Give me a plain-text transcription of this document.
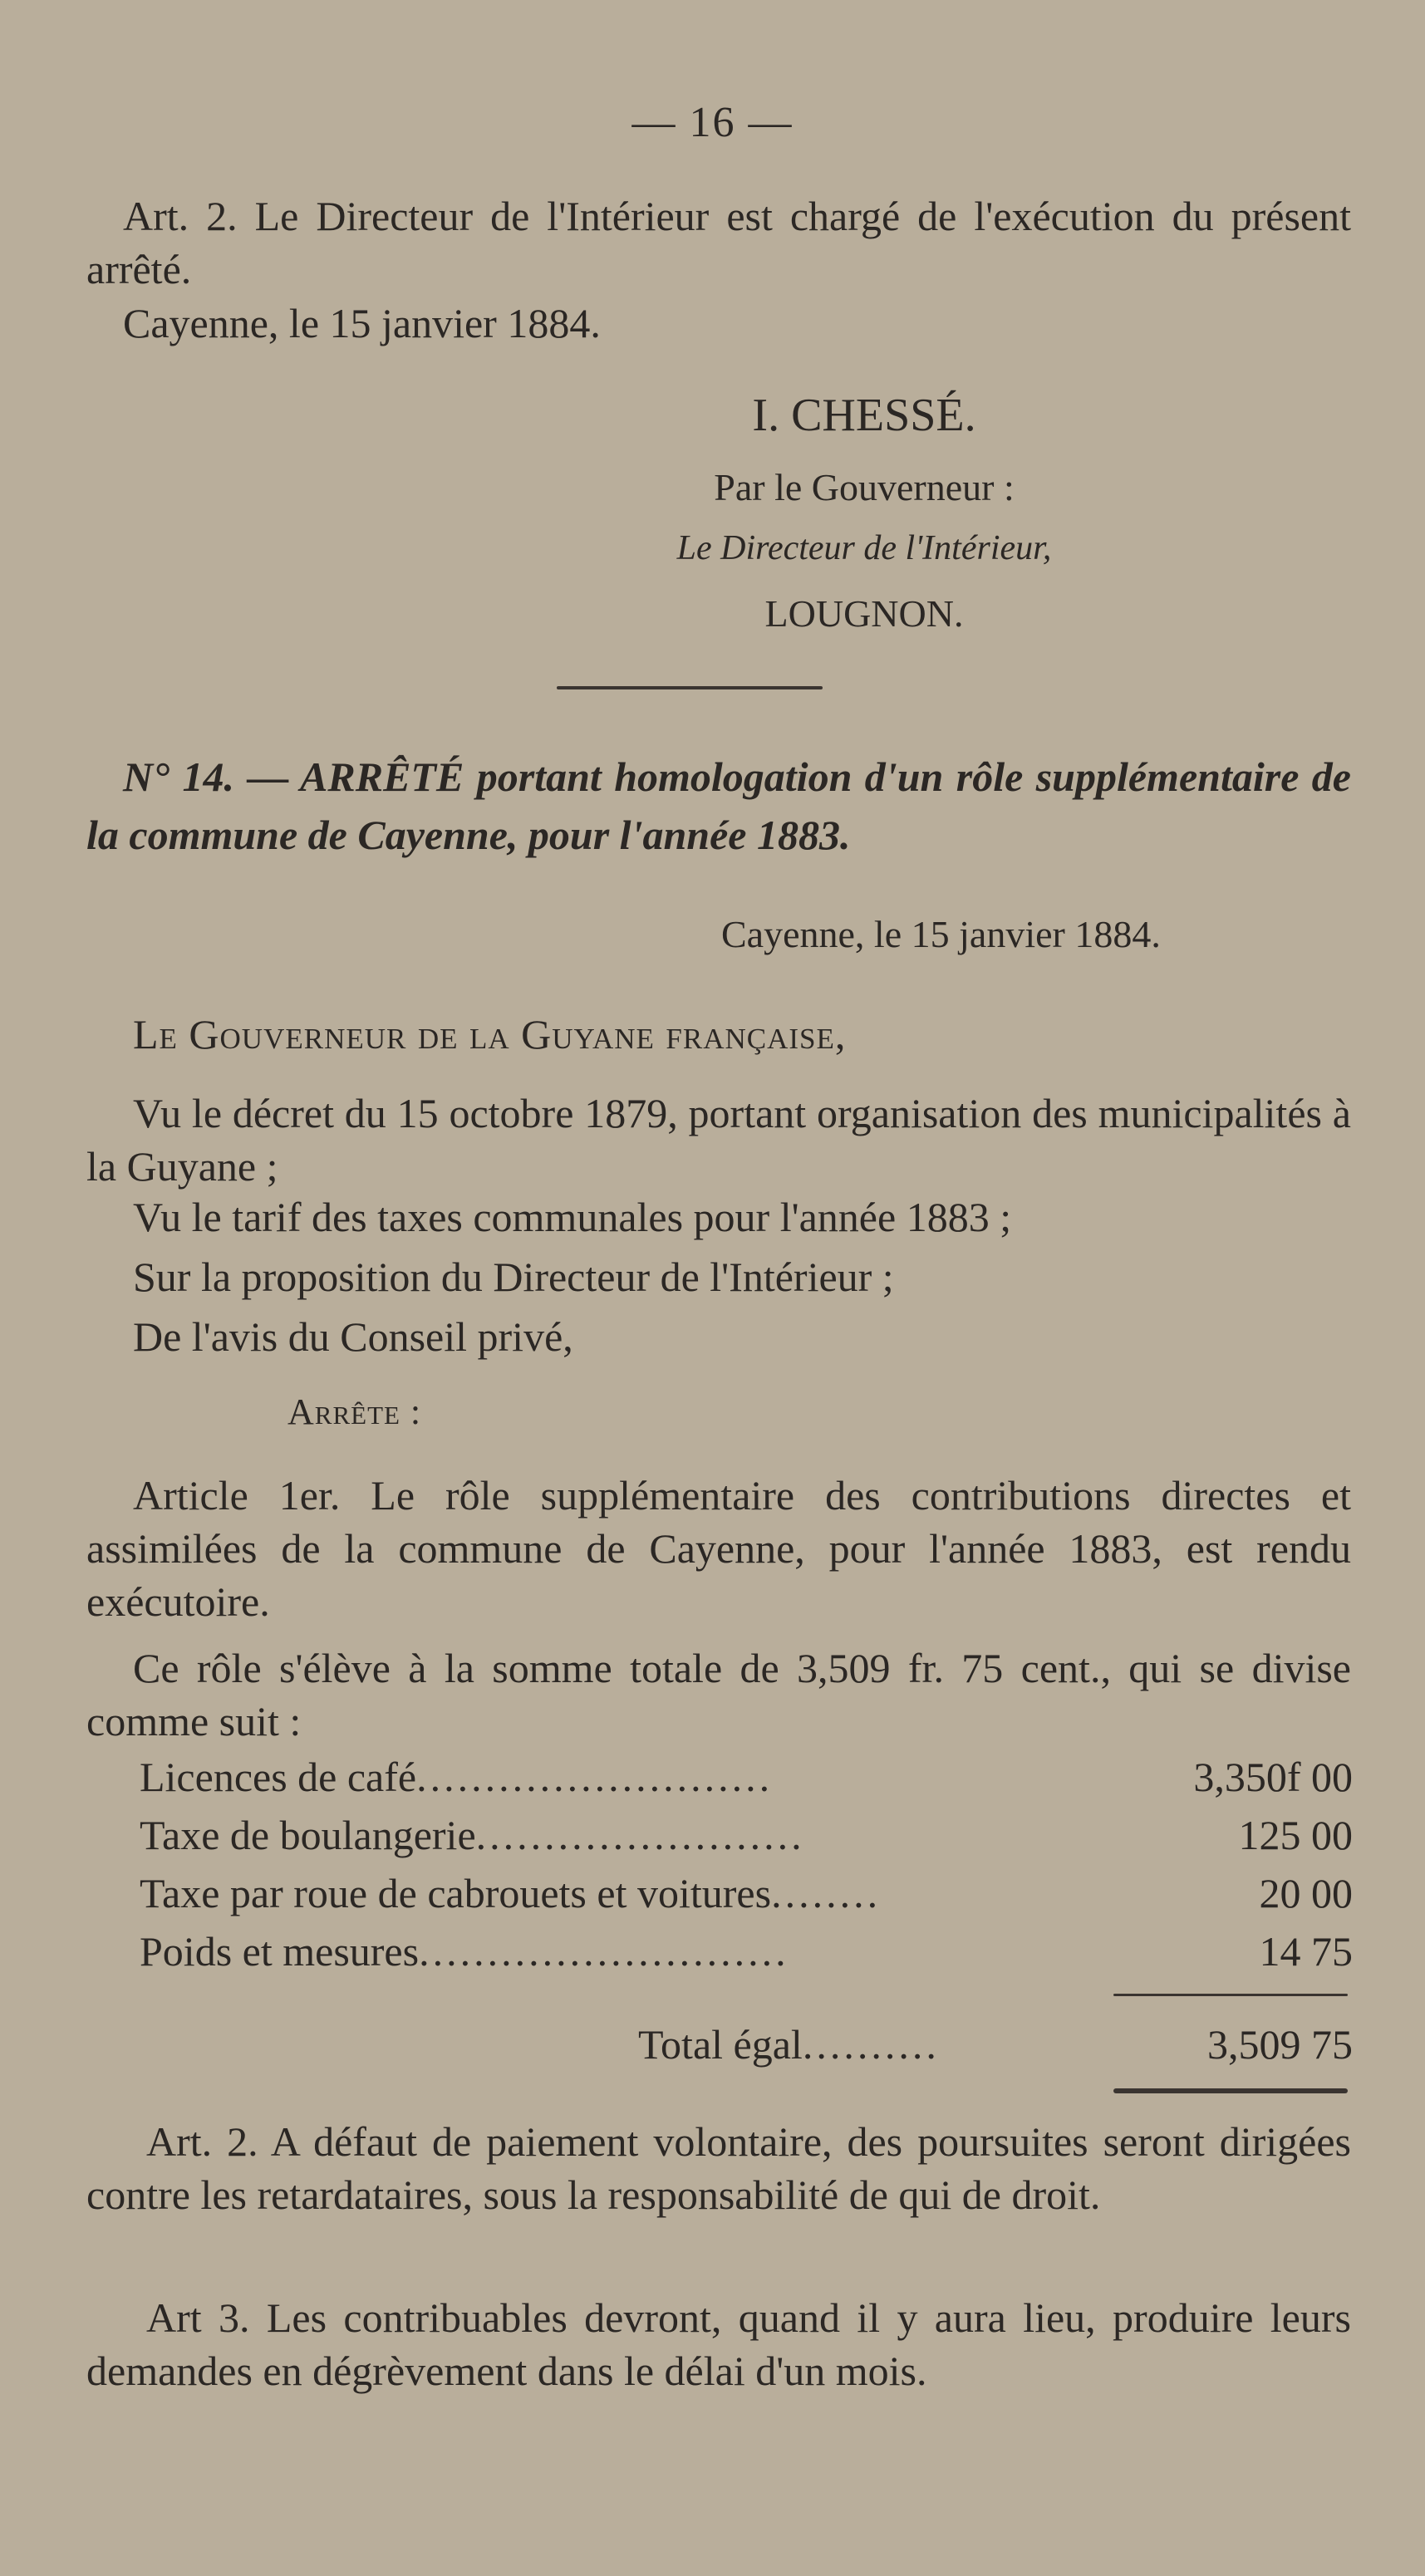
— 16 —
Art. 2. Le Directeur de l'Intérieur est chargé de l'exécution du présent arrêté.
Cayenne, le 15 janvier 1884.
I. CHESSÉ.
Par le Gouverneur :
Le Directeur de l'Intérieur,
LOUGNON.
N° 14. — ARRÊTÉ portant homologation d'un rôle supplémentaire de la commune de Cayenne, pour l'année 1883.
Cayenne, le 15 janvier 1884.
Le Gouverneur de la Guyane française,
Vu le décret du 15 octobre 1879, portant organisation des municipalités à la Guyane ;
Vu le tarif des taxes communales pour l'année 1883 ;
Sur la proposition du Directeur de l'Intérieur ;
De l'avis du Conseil privé,
Arrête :
Article 1er. Le rôle supplémentaire des contributions directes et assimilées de la commune de Cayenne, pour l'année 1883, est rendu exécutoire.
Ce rôle s'élève à la somme totale de 3,509 fr. 75 cent., qui se divise comme suit :
Licences de café..........................	3,350f 00
Taxe de boulangerie........................	125 00
Taxe par roue de cabrouets et voitures........	20 00
Poids et mesures...........................	14 75
Total égal..........	3,509 75
Art. 2. A défaut de paiement volontaire, des poursuites seront dirigées contre les retardataires, sous la responsabilité de qui de droit.
Art 3. Les contribuables devront, quand il y aura lieu, produire leurs demandes en dégrèvement dans le délai d'un mois.
